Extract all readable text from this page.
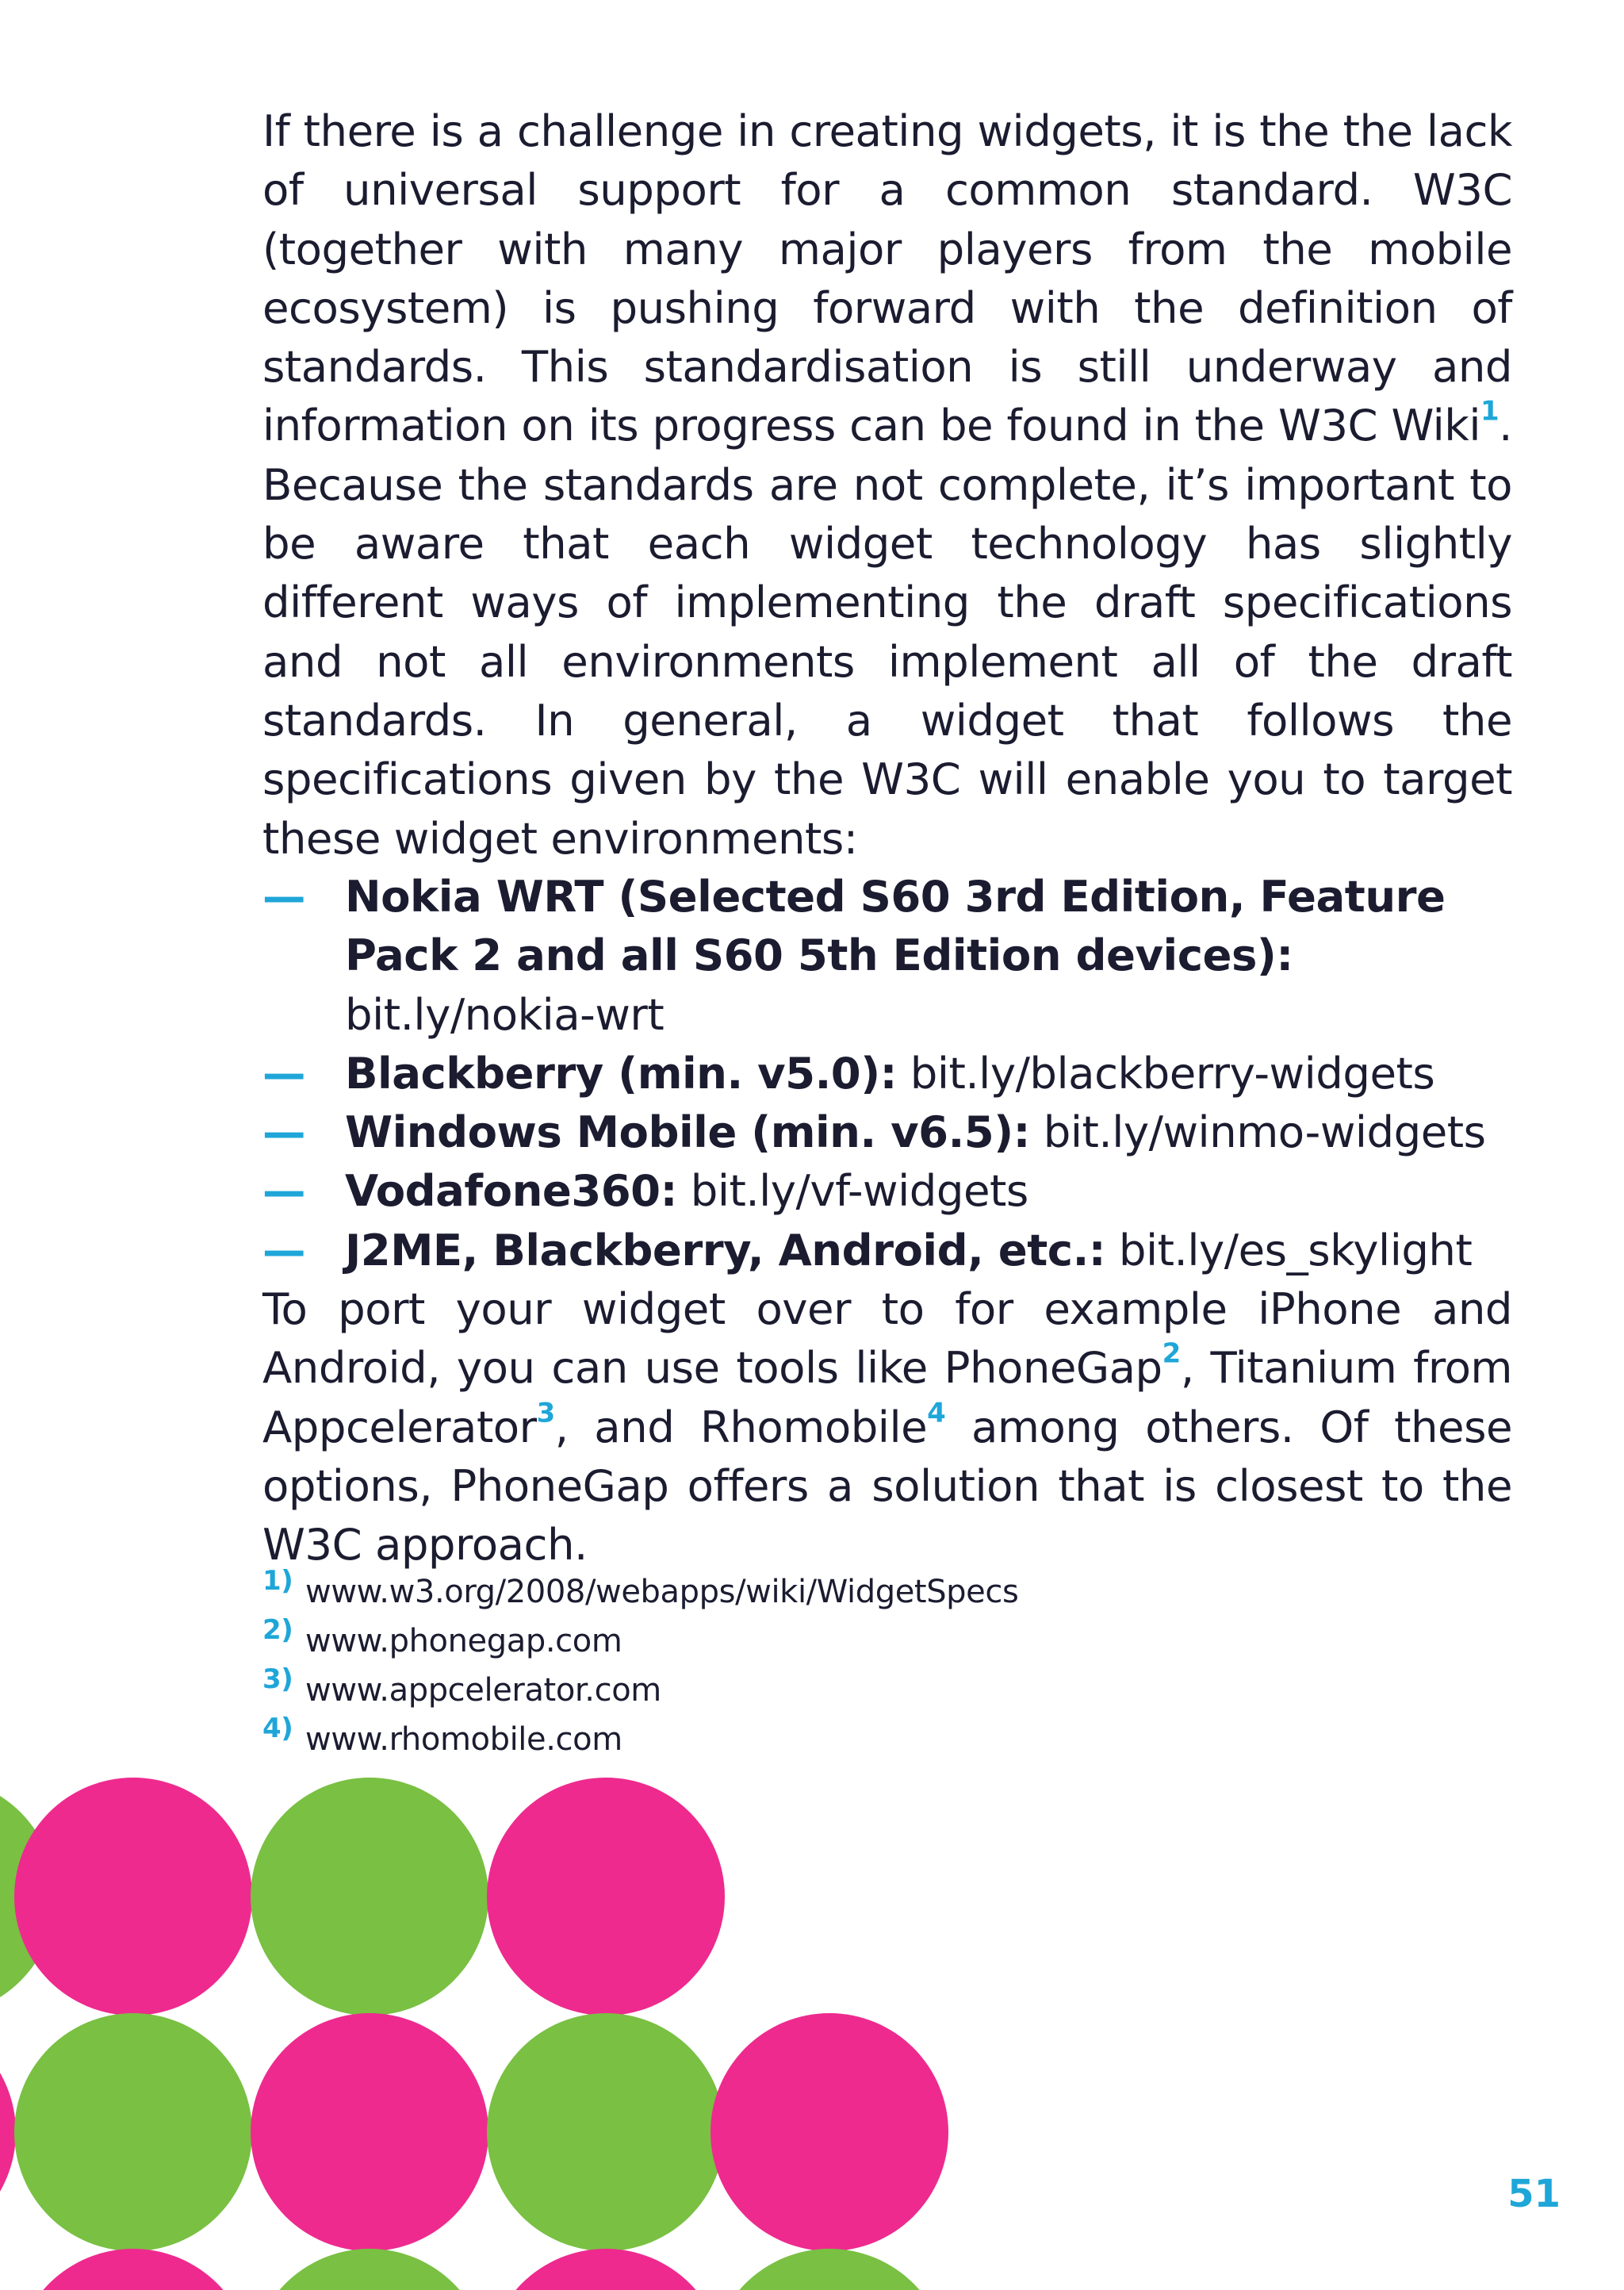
If there is a challenge in creating widgets, it is the the lack of universal support for a common standard. W3C (together with many major players from the mobile ecosystem) is pushing forward with the definition of standards. This standardisation is still underway and information on its progress can be found in the W3C Wiki$^1$. Because the standards are not complete, it’s important to be aware that each widget technology has slightly different ways of implementing the draft specifications and not all environments implement all of the draft standards. In general, a widget that follows the specifications given by the W3C will enable you to target these widget environments:

— Nokia WRT (Selected S60 3rd Edition, Feature Pack 2 and all S60 5th Edition devices): bit.ly/nokia-wrt
— Blackberry (min. v5.0): bit.ly/blackberry-widgets
— Windows Mobile (min. v6.5): bit.ly/winmo-widgets
— Vodafone360: bit.ly/vf-widgets
— J2ME, Blackberry, Android, etc.: bit.ly/es_skylight

To port your widget over to for example iPhone and Android, you can use tools like PhoneGap$^2$, Titanium from Appcelerator$^3$, and Rhomobile$^4$ among others. Of these options, PhoneGap offers a solution that is closest to the W3C approach.

1) www.w3.org/2008/webapps/wiki/WidgetSpecs
2) www.phonegap.com
3) www.appcelerator.com
4) www.rhomobile.com
51
